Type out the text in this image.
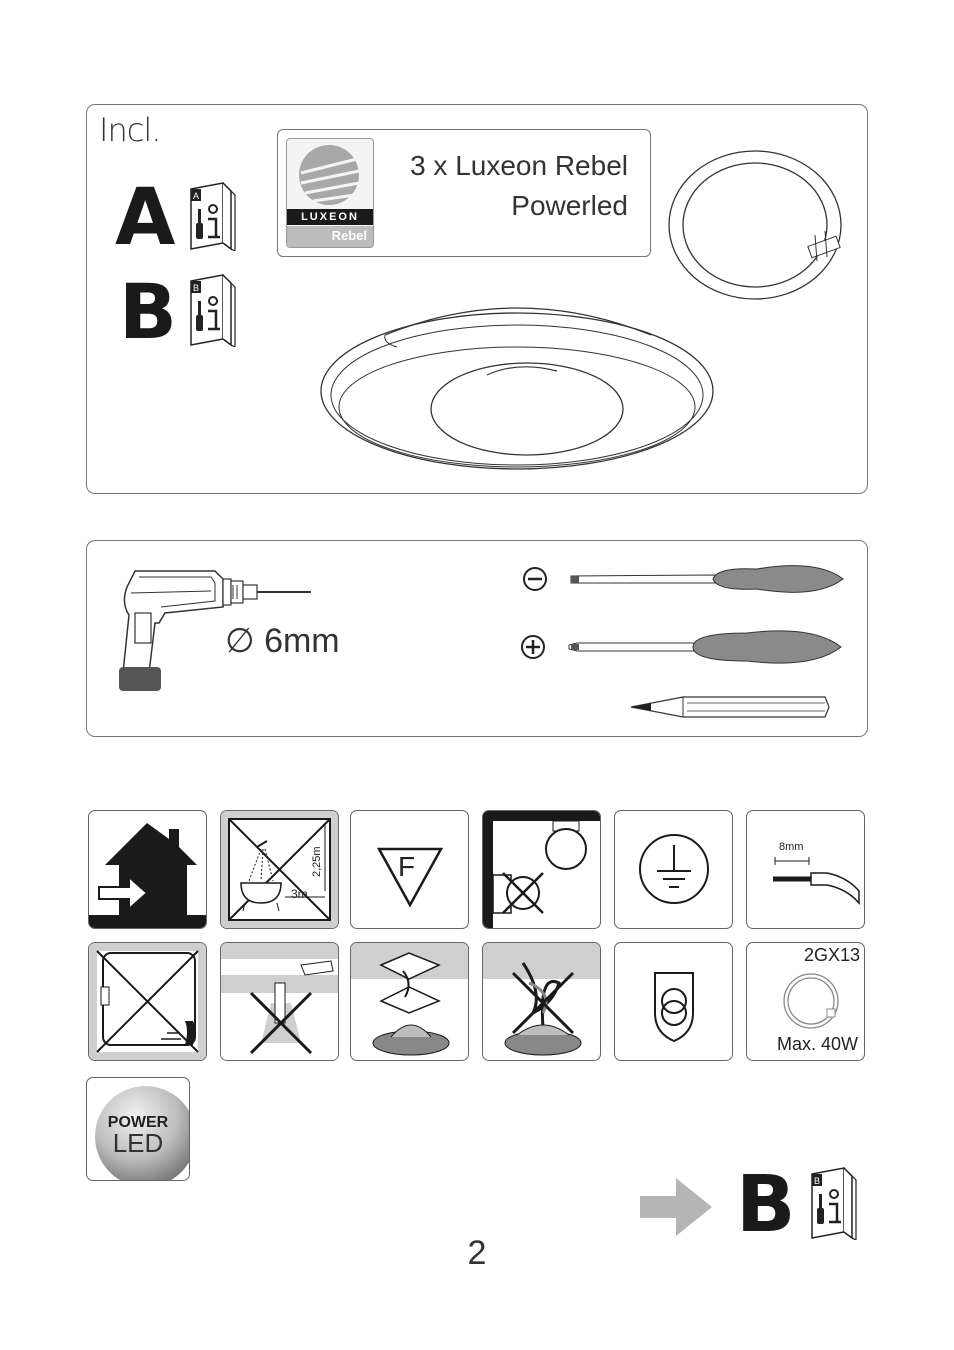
Incl.
A A
B B
LUXEON
Rebel
3 x Luxeon Rebel
Powerled
∅ 6mm
2,25m
3m
F
8mm
2GX13
Max. 40W
POWER
LED
B B
2
